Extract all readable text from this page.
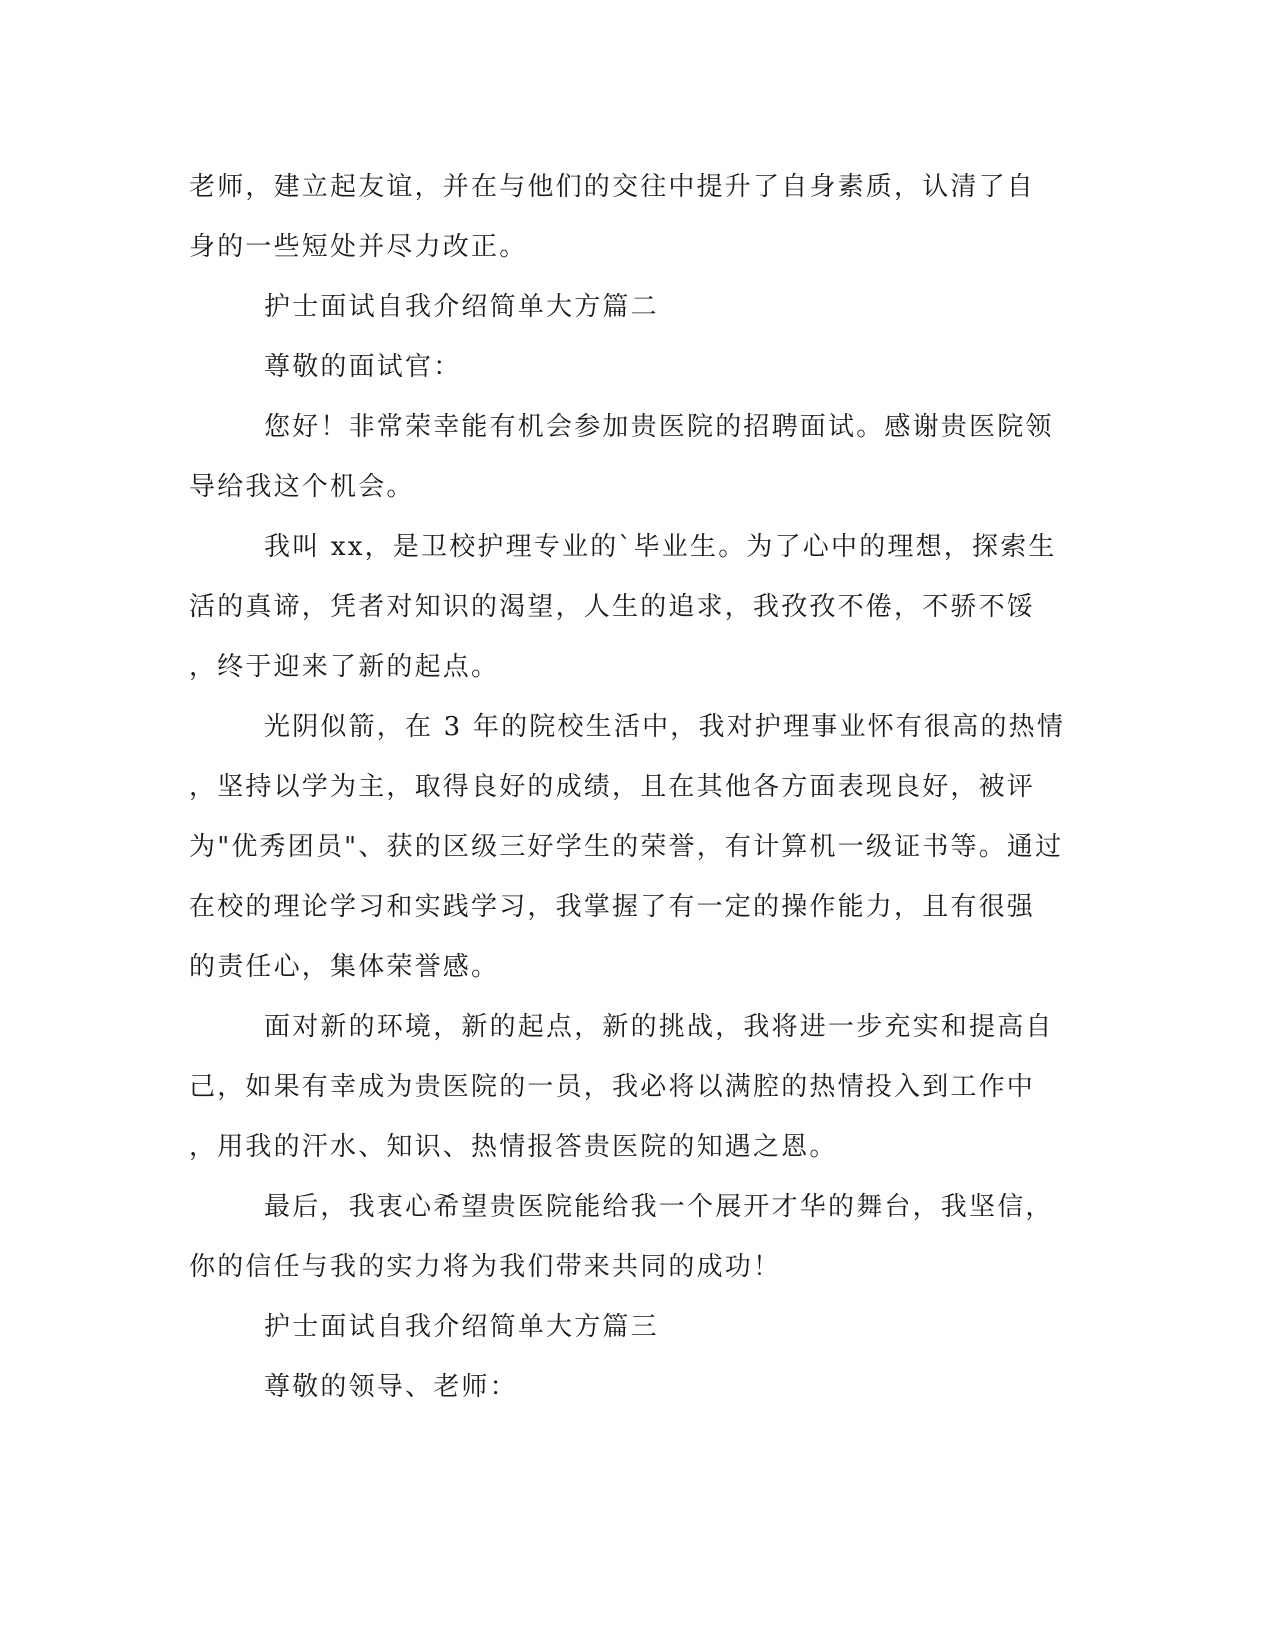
老师，建立起友谊，并在与他们的交往中提升了自身素质，认清了自
身的一些短处并尽力改正。
护士面试自我介绍简单大方篇二
尊敬的面试官：
您好！非常荣幸能有机会参加贵医院的招聘面试。感谢贵医院领
导给我这个机会。
我叫 xx，是卫校护理专业的`毕业生。为了心中的理想，探索生
活的真谛，凭者对知识的渴望，人生的追求，我孜孜不倦，不骄不馁
，终于迎来了新的起点。
光阴似箭，在 3 年的院校生活中，我对护理事业怀有很高的热情
，坚持以学为主，取得良好的成绩，且在其他各方面表现良好，被评
为"优秀团员"、获的区级三好学生的荣誉，有计算机一级证书等。通过
在校的理论学习和实践学习，我掌握了有一定的操作能力，且有很强
的责任心，集体荣誉感。
面对新的环境，新的起点，新的挑战，我将进一步充实和提高自
己，如果有幸成为贵医院的一员，我必将以满腔的热情投入到工作中
，用我的汗水、知识、热情报答贵医院的知遇之恩。
最后，我衷心希望贵医院能给我一个展开才华的舞台，我坚信，
你的信任与我的实力将为我们带来共同的成功！
护士面试自我介绍简单大方篇三
尊敬的领导、老师：
